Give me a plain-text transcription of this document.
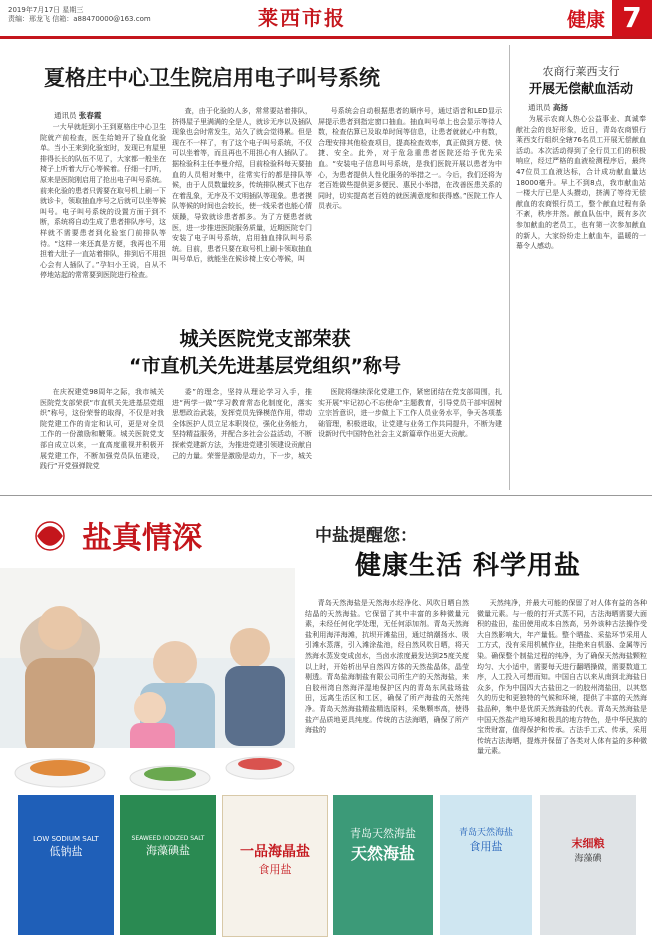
2019年7月17日 星期三
责编：邢龙飞 信箱：a88470000@163.com	莱西市报	健康 7
夏格庄中心卫生院启用电子叫号系统
通讯员 张春霞
一大早就赶到小王到夏格庄中心卫生院就产前检查，医生给她开了验血化验单。当小王来到化验室时，发现已有屋里排得长长的队伍不见了，大家都一般坐在椅子上听着大厅心等候着。仔细一打听，原来是医院刚启用了抢出电子叫号系统。前来化验的患者只需要在取号机上刷一下就诊卡，领取抽血序号之后就可以坐等候叫号。电子叫号系统的设置方面于到不断，系统将自动生成了患者排队序号，这样就不需要患者到化验室门前排队等待。“这样一来还真是方便，我再也不用担着大肚子一直站着排队，排到后不用担心会有人插队了。”孕妇小王说，自从不停地站起的常常要到医院进行检查。
查，由于化验的人多，常常要站着排队，挤得屋子里满满的全是人，就诊无序以及插队现象也会时常发生，站久了就会觉得累。但是现在不一样了，有了这个电子叫号系统，不仅可以坐着等，而且再也不用担心有人插队了。据检验科主任李曼介绍，目前检验科每天要抽血的人员相对集中，往常实行的都是排队等候，由于人员数量较多，传统排队模式下也存在着乱象，无序及不文明插队等现象。患者摸队等候的时间也会较长，使一线采者也能心情烦躁，导致就诊患者都多。为了方便患者就医，进一步推进医院服务质量，近期医院专门安装了电子叫号系统，启用抽血排队叫号系统。目前，患者只要在取号机上刷卡领取抽血叫号单后，就能坐在候诊椅上安心等候，叫
号系统会自动根据患者的顺序号，通过语音和LED显示屏提示患者到指定窗口抽血。抽血叫号单上也会显示等待人数，检查估算已及取单时间等信息，让患者就就心中有数，合理安排其他检查项目，提高检查效率，真正做到方便、快捷、安全。此外，对于危急重患者医院还给予优先采血。“安装电子信息叫号系统，是我们医院开展以患者为中心，为患者提供人性化服务的举措之一。今后，我们还将为老百姓做些提供更多便民、惠民小举措，在改善医患关系的同时，切实提高老百姓的就医满意度和获得感。”医院工作人员表示。
农商行莱西支行
开展无偿献血活动
通讯员 高扬
为展示农商人热心公益事业、真诚奉献社会的良好形象，近日，青岛农商银行莱西支行组织全辖76名员工开展无偿献血活动。本次活动得到了全行员工们的积极响应，经过严格的血液检测程序后，最终47位员工血液达标，合计成功献血量达18000毫升。早上不到8点，我市献血站一楼大厅已是人头攒动，挤满了等待无偿献血的农商银行员工，整个献血过程有条不紊，秩序井然。献血队伍中，既有多次参加献血的老员工，也有第一次参加献血的新人，大家纷纷走上献血车，温暖的一幕令人感动。
城关医院党支部荣获
“市直机关先进基层党组织”称号
在庆祝建党98周年之际，我市城关医院党支部荣获“市直机关先进基层党组织”称号，这份荣誉的取得，不仅是对我院党建工作的肯定和认可，更是对全员工作的一份激励和鞭策。城关医院党支部自成立以来，一直高度重视并积极开展党建工作，不断加强党员队伍建设，践行“开党强弹院党
委”的理念，坚持从理论学习入手，推进“两学一做”学习教育常态化制度化，落实思想政治武装，发挥党员先锋模范作用，带动全体医护人员立足本职岗位，强化业务能力，坚持精益服务，并配合多社会公益活动，不断探索党建新方法，为推进党建引领建设贡献自己的力量。荣誉是激励是动力，下一步，城关
医院将继续深化党建工作，紧密团结在党支部周围，扎实开展“牢记初心不忘使命”主题教育，引导党员干部牢固树立宗旨意识，进一步做上下工作人员业务水平，争天各项基础管理，积极进取，让党建与业务工作共同提升，不断为建设新时代中国特色社会主义新篇章作出更大贡献。
盐真情深	中盐提醒您：
健康生活 科学用盐
青岛天然海盐是天然海水经净化、风吹日晒自然结晶的天然海盐。它保留了其中丰富的多种微量元素，未经任何化学处理，无任何添加剂。青岛天然海盐利用海洋海滩，抗坝开滩盐田，通过纳潮扬水、吸引滩水蒸落，引入滩涂盐池，经自然风吹日晒，将天然海水蒸发变成卤水，当卤水浓度最发达到25度关度以上时，开始析出早自然四方体的天然盐晶体，晶莹剔透。青岛盐海制盐有限公司所生产的天然海盐，来自胶州湾自然海洋湿地保护区内的青岛东风盐场盐田，远离生活区和工区，确保了所产海盐的天然纯净。青岛天然海盐精盐精选原料，采集颗率高，使得盐产品质地更具纯度。传统的古法海晒，确保了所产海盐的
天然纯净，并最大可能的保留了对人体有益的各种微量元素。与一般的打开式蒸不同，古法海晒需要大面积的盐田，盐田使用成本自然高，另外该种古法操作受大自然影响大，年产量低。整个晒盐、采盐环节采用人工方式，没有采用机械作业，挂绝来自机器、金属等污染。确保整个制盐过程的纯净，为了确保天然海盐颗粒均匀、大小适中，需要每天进行翻晒操做，需要数道工序，人工投入可想而知。中国自古以来从南到北海盐日众多，作为中国四大古盐田之一的胶州湾盐田，以其悠久的历史和更独特的气候和环境，提供了丰富的天然海盐品种，集中是优质天然海盐的代表。青岛天然海盐是中国天然盐产地环境和极具的地方特色，是中华民族的宝贵财富，值得保护和传承。古法手工式、传承，采用传统古法海晒，提炼并保留了各类对人体有益的多种微量元素。
LOW SODIUM SALT
低钠盐
SEAWEED IODIZED SALT
海藻碘盐	一品海晶盐
食用盐
青岛天然海盐
天然海盐
青岛天然海盐
食用盐	末细粮
海藻碘
